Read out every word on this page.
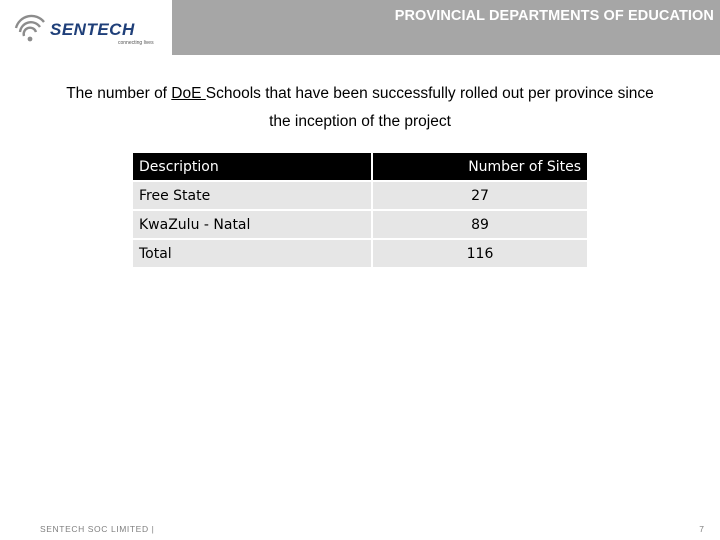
SENTECH
connecting lives
PROVINCIAL DEPARTMENTS OF EDUCATION
The number of DoE Schools that have been successfully rolled out per province since
the inception of the project
Description	Number of Sites
Free State	27
KwaZulu - Natal	89
Total	116
SENTECH SOC LIMITED |	7
